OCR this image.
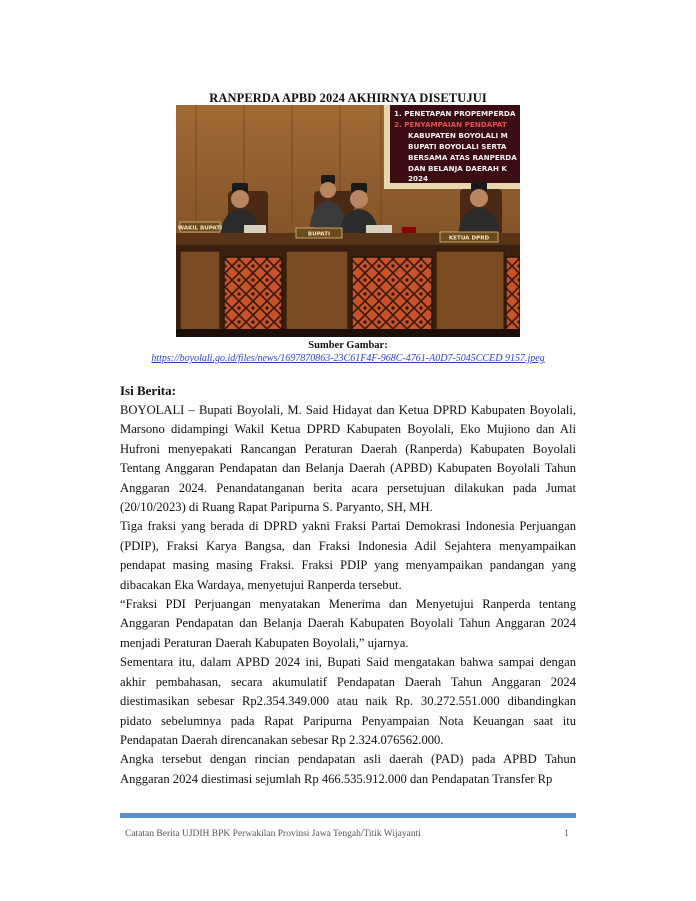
RANPERDA APBD 2024 AKHIRNYA DISETUJUI
1. PENETAPAN PROPEMPERDA
2. PENYAMPAIAN PENDAPAT
KABUPATEN BOYOLALI M
BUPATI BOYOLALI SERTA
BERSAMA ATAS RANPERDA
DAN BELANJA DAERAH K
2024
WAKIL BUPATI
BUPATI
KETUA DPRD
Sumber Gambar:
https://boyolali.go.id/files/news/1697870863-23C61F4F-968C-4761-A0D7-5045CCED 9157.jpeg
Isi Berita:

BOYOLALI – Bupati Boyolali, M. Said Hidayat dan Ketua DPRD Kabupaten Boyolali, Marsono didampingi Wakil Ketua DPRD Kabupaten Boyolali, Eko Mujiono dan Ali Hufroni menyepakati Rancangan Peraturan Daerah (Ranperda) Kabupaten Boyolali Tentang Anggaran Pendapatan dan Belanja Daerah (APBD) Kabupaten Boyolali Tahun Anggaran 2024. Penandatanganan berita acara persetujuan dilakukan pada Jumat (20/10/2023) di Ruang Rapat Paripurna S. Paryanto, SH, MH.

Tiga fraksi yang berada di DPRD yakni Fraksi Partai Demokrasi Indonesia Perjuangan (PDIP), Fraksi Karya Bangsa, dan Fraksi Indonesia Adil Sejahtera menyampaikan pendapat masing masing Fraksi. Fraksi PDIP yang menyampaikan pandangan yang dibacakan Eka Wardaya, menyetujui Ranperda tersebut.

“Fraksi PDI Perjuangan menyatakan Menerima dan Menyetujui Ranperda tentang Anggaran Pendapatan dan Belanja Daerah Kabupaten Boyolali Tahun Anggaran 2024 menjadi Peraturan Daerah Kabupaten Boyolali,” ujarnya.

Sementara itu, dalam APBD 2024 ini, Bupati Said mengatakan bahwa sampai dengan akhir pembahasan, secara akumulatif Pendapatan Daerah Tahun Anggaran 2024 diestimasikan sebesar Rp2.354.349.000 atau naik Rp. 30.272.551.000 dibandingkan pidato sebelumnya pada Rapat Paripurna Penyampaian Nota Keuangan saat itu Pendapatan Daerah direncanakan sebesar Rp 2.324.076562.000.

Angka tersebut dengan rincian pendapatan asli daerah (PAD) pada APBD Tahun Anggaran 2024 diestimasi sejumlah Rp 466.535.912.000 dan Pendapatan Transfer Rp

Catatan Berita UJDIH BPK Perwakilan Provinsi Jawa Tengah/Titik Wijayanti	1
